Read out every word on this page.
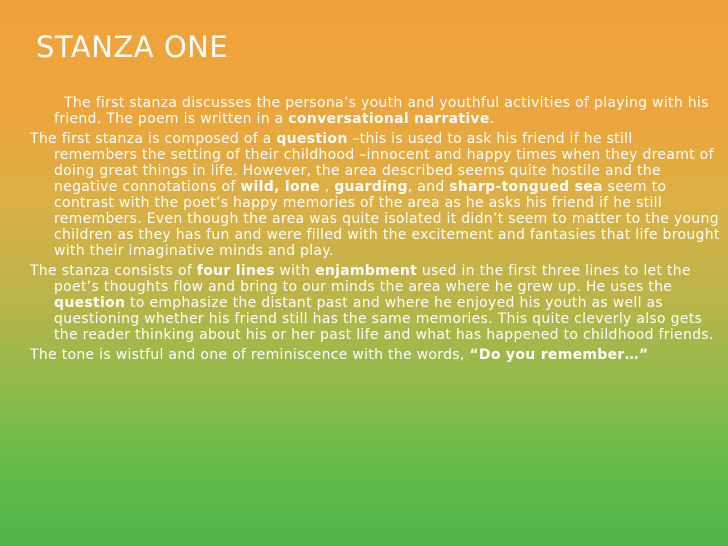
STANZA ONE

The first stanza discusses the persona’s youth and youthful activities of playing with his friend. The poem is written in a conversational narrative.

The first stanza is composed of a question –this is used to ask his friend if he still remembers the setting of their childhood –innocent and happy times when they dreamt of doing great things in life. However, the area described seems quite hostile and the negative connotations of wild, lone , guarding, and sharp-tongued sea seem to contrast with the poet’s happy memories of the area as he asks his friend if he still remembers. Even though the area was quite isolated it didn’t seem to matter to the young children as they has fun and were filled with the excitement and fantasies that life brought with their imaginative minds and play.

The stanza consists of four lines with enjambment used in the first three lines to let the poet’s thoughts flow and bring to our minds the area where he grew up. He uses the question to emphasize the distant past and where he enjoyed his youth as well as questioning whether his friend still has the same memories. This quite cleverly also gets the reader thinking about his or her past life and what has happened to childhood friends.

The tone is wistful and one of reminiscence with the words, “Do you remember…”
